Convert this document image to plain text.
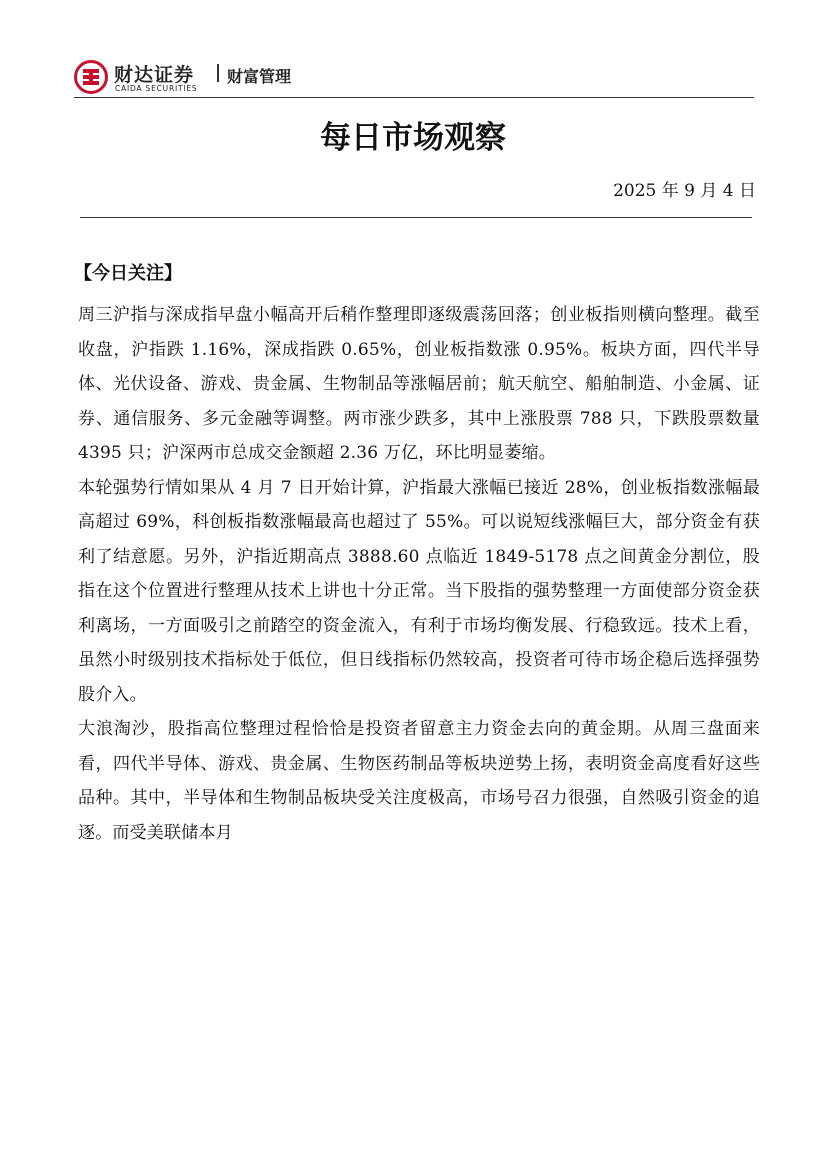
财达证券
CAIDA SECURITIES
财富管理
每日市场观察
2025 年 9 月 4 日
【今日关注】

周三沪指与深成指早盘小幅高开后稍作整理即逐级震荡回落；创业板指则横向整理。截至收盘，沪指跌 1.16%，深成指跌 0.65%，创业板指数涨 0.95%。板块方面，四代半导体、光伏设备、游戏、贵金属、生物制品等涨幅居前；航天航空、船舶制造、小金属、证券、通信服务、多元金融等调整。两市涨少跌多，其中上涨股票 788 只，下跌股票数量 4395 只；沪深两市总成交金额超 2.36 万亿，环比明显萎缩。

本轮强势行情如果从 4 月 7 日开始计算，沪指最大涨幅已接近 28%，创业板指数涨幅最高超过 69%，科创板指数涨幅最高也超过了 55%。可以说短线涨幅巨大，部分资金有获利了结意愿。另外，沪指近期高点 3888.60 点临近 1849-5178 点之间黄金分割位，股指在这个位置进行整理从技术上讲也十分正常。当下股指的强势整理一方面使部分资金获利离场，一方面吸引之前踏空的资金流入，有利于市场均衡发展、行稳致远。技术上看，虽然小时级别技术指标处于低位，但日线指标仍然较高，投资者可待市场企稳后选择强势股介入。

大浪淘沙，股指高位整理过程恰恰是投资者留意主力资金去向的黄金期。从周三盘面来看，四代半导体、游戏、贵金属、生物医药制品等板块逆势上扬，表明资金高度看好这些品种。其中，半导体和生物制品板块受关注度极高，市场号召力很强，自然吸引资金的追逐。而受美联储本月
